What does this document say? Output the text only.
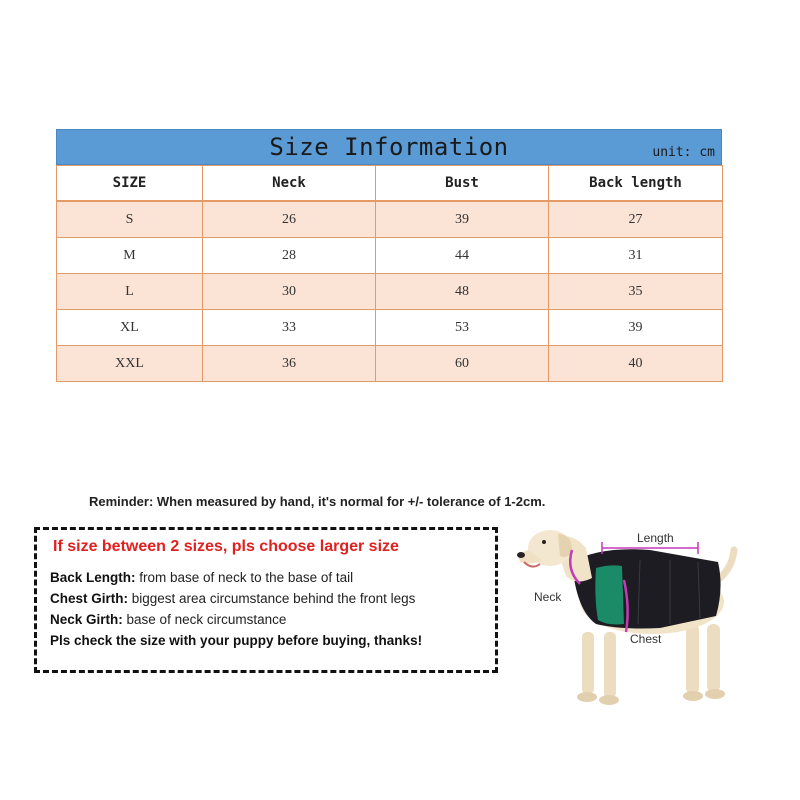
Size Information	unit: cm
SIZE	Neck	Bust	Back length
S	26	39	27
M	28	44	31
L	30	48	35
XL	33	53	39
XXL	36	60	40
Reminder: When measured by hand, it's normal for +/- tolerance of 1-2cm.
If size between 2 sizes, pls choose larger size
Back Length: from base of neck to the base of tail
Chest Girth: biggest area circumstance behind the front legs
Neck Girth: base of neck circumstance
Pls check the size with your puppy before buying, thanks!
Length
Neck
Chest
